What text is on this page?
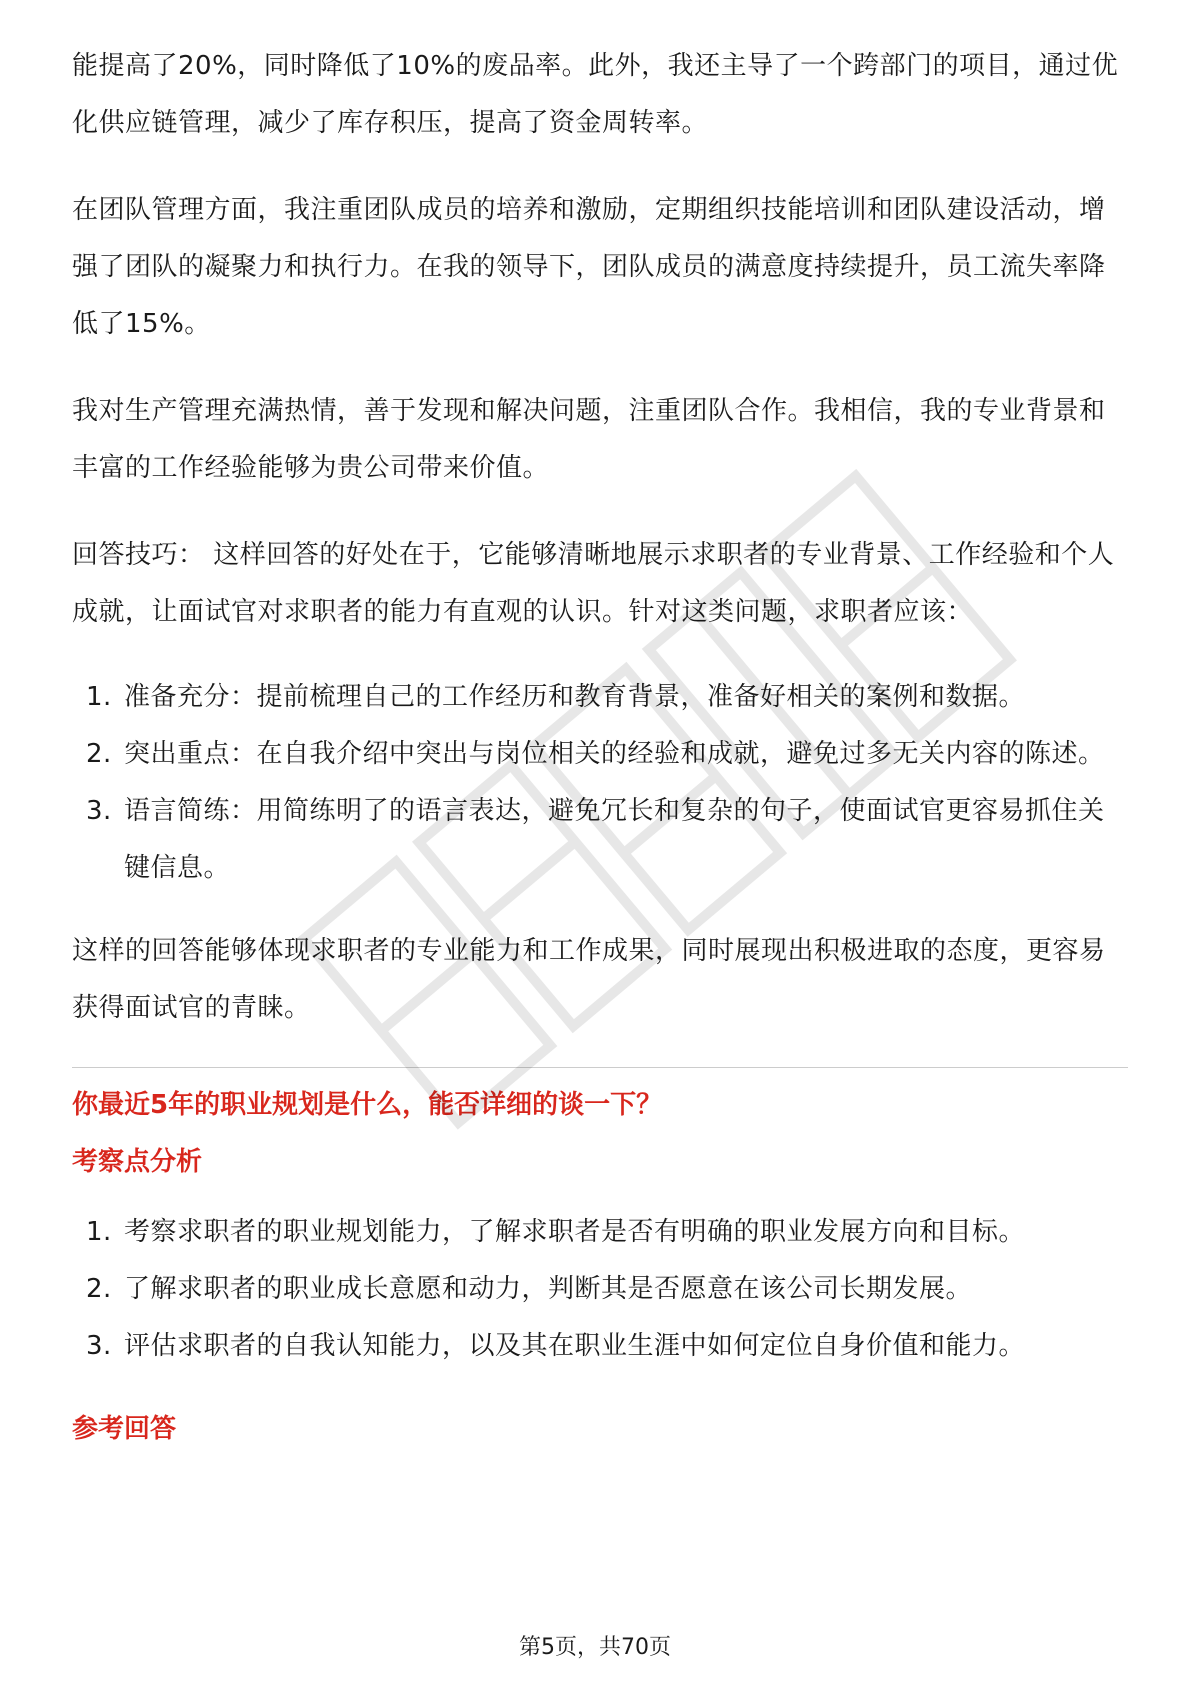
能提高了20%，同时降低了10%的废品率。此外，我还主导了一个跨部门的项目，通过优化供应链管理，减少了库存积压，提高了资金周转率。

在团队管理方面，我注重团队成员的培养和激励，定期组织技能培训和团队建设活动，增强了团队的凝聚力和执行力。在我的领导下，团队成员的满意度持续提升，员工流失率降低了15%。

我对生产管理充满热情，善于发现和解决问题，注重团队合作。我相信，我的专业背景和丰富的工作经验能够为贵公司带来价值。

回答技巧： 这样回答的好处在于，它能够清晰地展示求职者的专业背景、工作经验和个人成就，让面试官对求职者的能力有直观的认识。针对这类问题，求职者应该：

1. 准备充分：提前梳理自己的工作经历和教育背景，准备好相关的案例和数据。
2. 突出重点：在自我介绍中突出与岗位相关的经验和成就，避免过多无关内容的陈述。
3. 语言简练：用简练明了的语言表达，避免冗长和复杂的句子，使面试官更容易抓住关键信息。

这样的回答能够体现求职者的专业能力和工作成果，同时展现出积极进取的态度，更容易获得面试官的青睐。

你最近5年的职业规划是什么，能否详细的谈一下？
考察点分析
1. 考察求职者的职业规划能力，了解求职者是否有明确的职业发展方向和目标。
2. 了解求职者的职业成长意愿和动力，判断其是否愿意在该公司长期发展。
3. 评估求职者的自我认知能力，以及其在职业生涯中如何定位自身价值和能力。
参考回答
第5页，共70页
